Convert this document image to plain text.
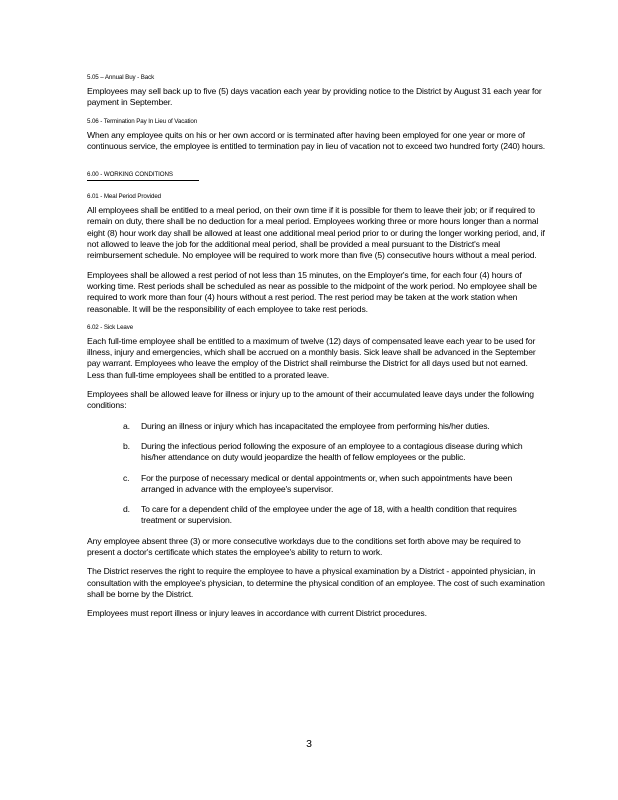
5.05 – Annual Buy - Back

Employees may sell back up to five (5) days vacation each year by providing notice to the District by August 31 each year for payment in September.

5.06 - Termination Pay In Lieu of Vacation

When any employee quits on his or her own accord or is terminated after having been employed for one year or more of continuous service, the employee is entitled to termination pay in lieu of vacation not to exceed two hundred forty (240) hours.

6.00 - WORKING CONDITIONS
6.01 - Meal Period Provided

All employees shall be entitled to a meal period, on their own time if it is possible for them to leave their job; or if required to remain on duty, there shall be no deduction for a meal period. Employees working three or more hours longer than a normal eight (8) hour work day shall be allowed at least one additional meal period prior to or during the longer working period, and, if not allowed to leave the job for the additional meal period, shall be provided a meal pursuant to the District's meal reimbursement schedule. No employee will be required to work more than five (5) consecutive hours without a meal period.

Employees shall be allowed a rest period of not less than 15 minutes, on the Employer's time, for each four (4) hours of working time. Rest periods shall be scheduled as near as possible to the midpoint of the work period. No employee shall be required to work more than four (4) hours without a rest period. The rest period may be taken at the work station when reasonable. It will be the responsibility of each employee to take rest periods.

6.02 - Sick Leave

Each full-time employee shall be entitled to a maximum of twelve (12) days of compensated leave each year to be used for illness, injury and emergencies, which shall be accrued on a monthly basis. Sick leave shall be advanced in the September pay warrant. Employees who leave the employ of the District shall reimburse the District for all days used but not earned. Less than full-time employees shall be entitled to a prorated leave.

Employees shall be allowed leave for illness or injury up to the amount of their accumulated leave days under the following conditions:

a.	During an illness or injury which has incapacitated the employee from performing his/her duties.
b.	During the infectious period following the exposure of an employee to a contagious disease during which his/her attendance on duty would jeopardize the health of fellow employees or the public.
c.	For the purpose of necessary medical or dental appointments or, when such appointments have been arranged in advance with the employee's supervisor.
d.	To care for a dependent child of the employee under the age of 18, with a health condition that requires treatment or supervision.

Any employee absent three (3) or more consecutive workdays due to the conditions set forth above may be required to present a doctor's certificate which states the employee's ability to return to work.

The District reserves the right to require the employee to have a physical examination by a District - appointed physician, in consultation with the employee's physician, to determine the physical condition of an employee. The cost of such examination shall be borne by the District.

Employees must report illness or injury leaves in accordance with current District procedures.

3
